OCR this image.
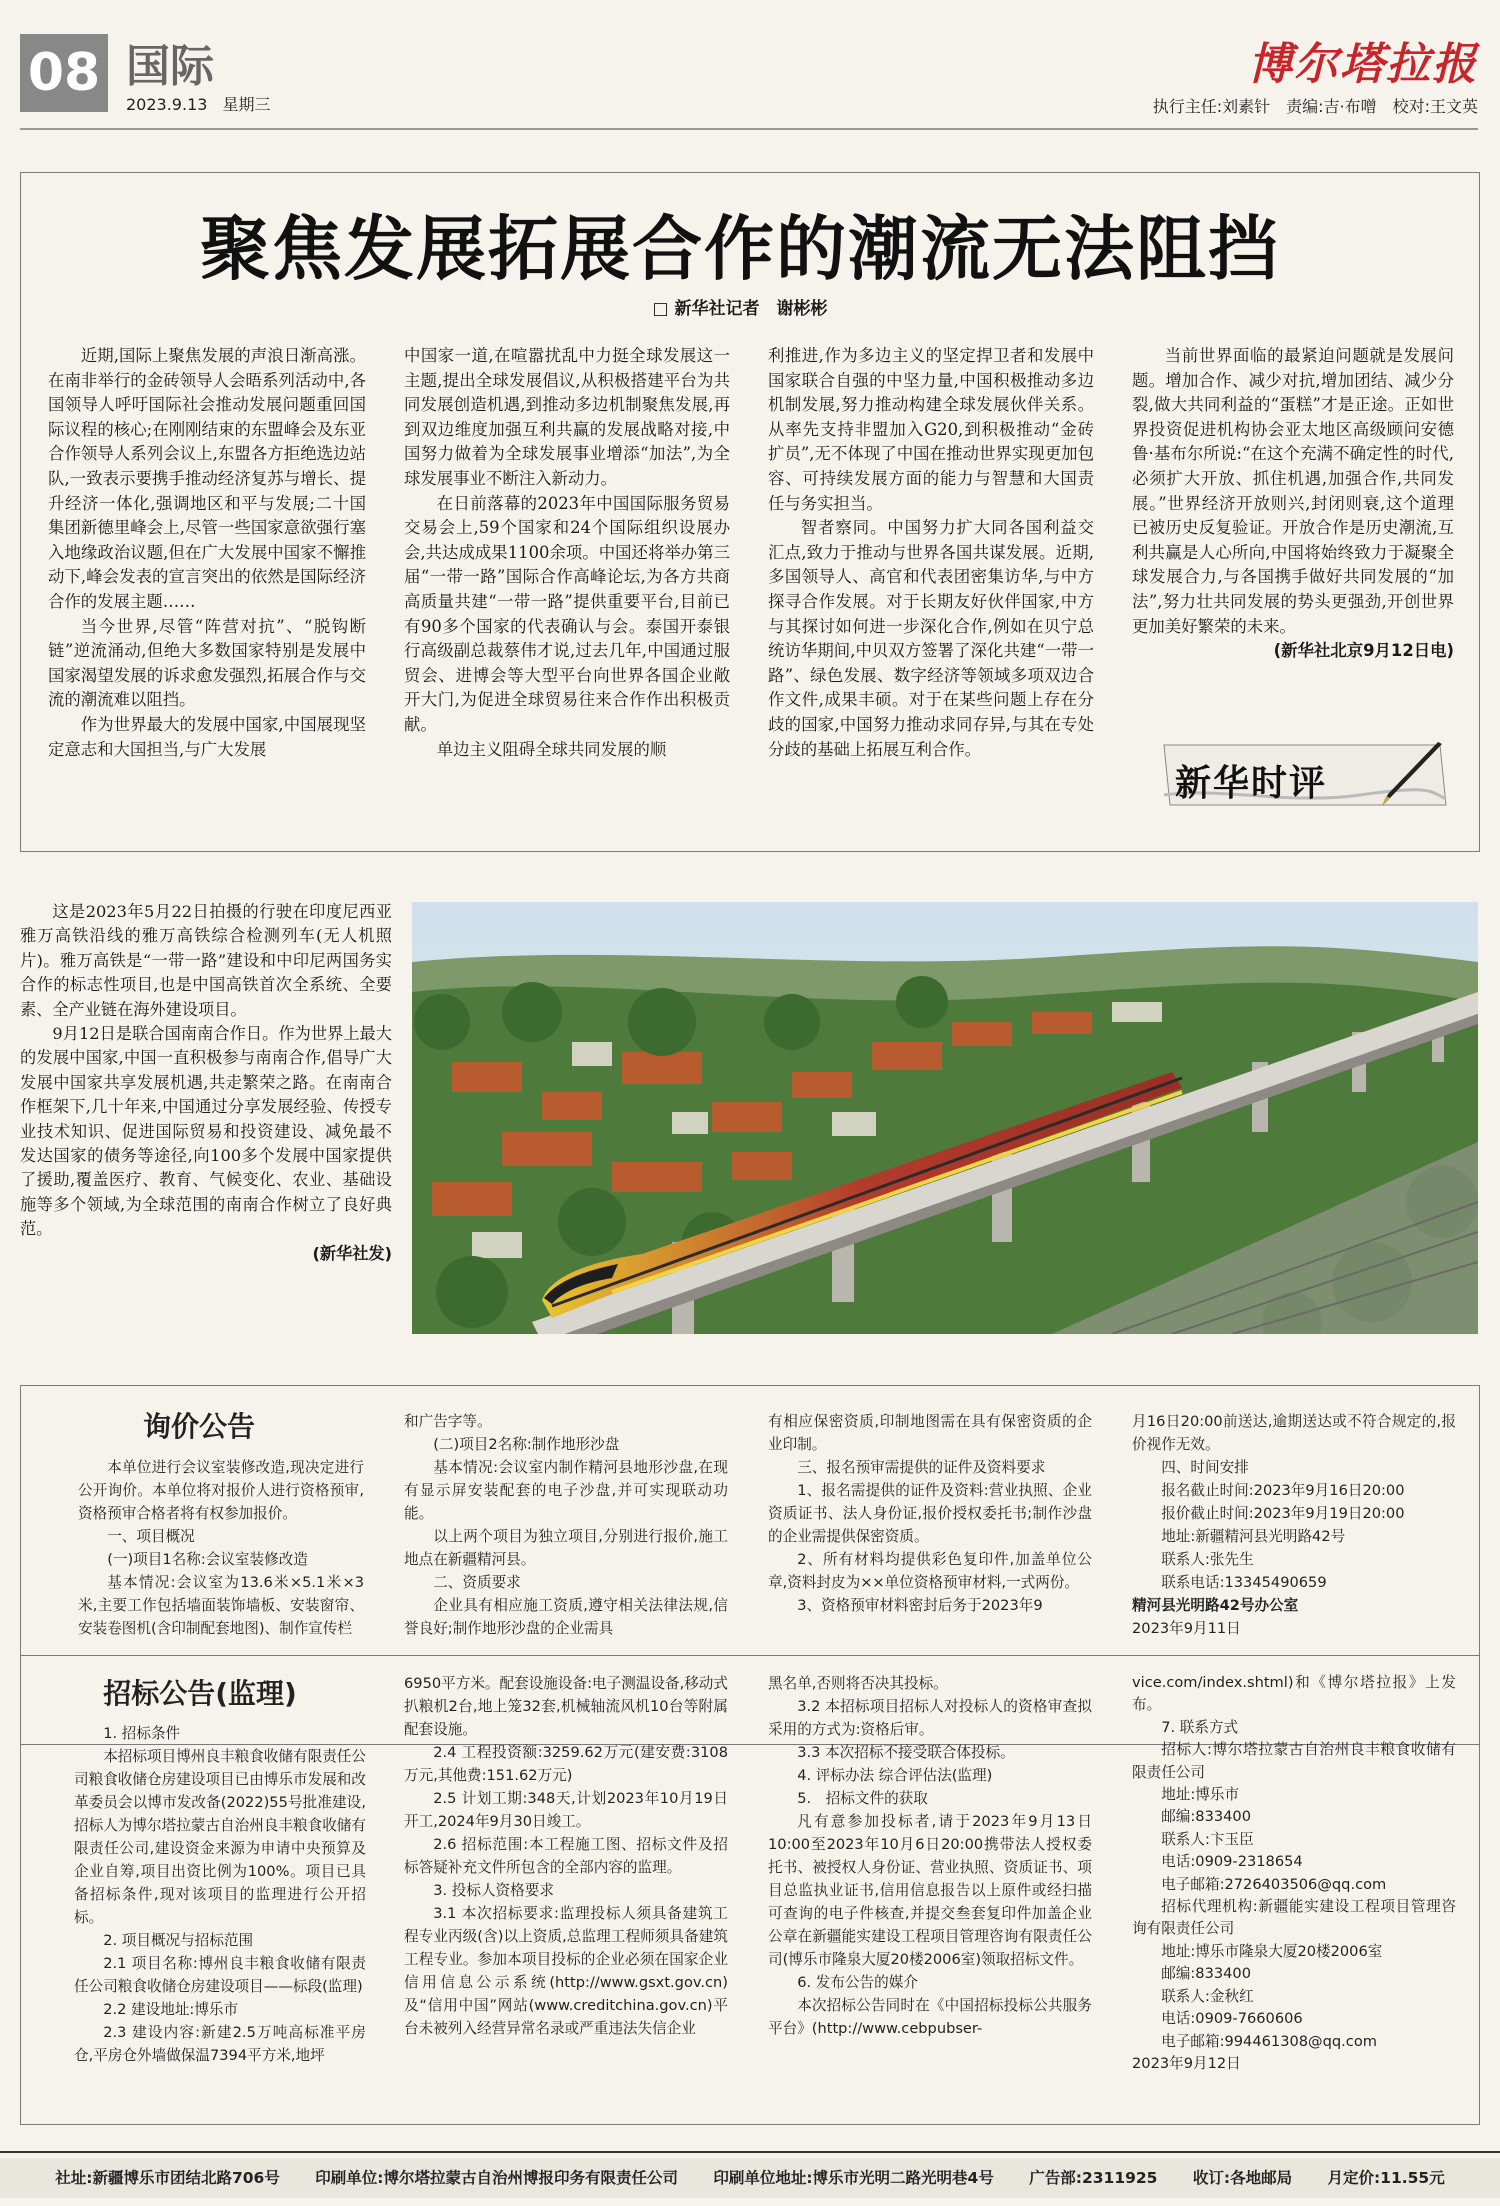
08 国际
2023.9.13 星期三
博尔塔拉报
执行主任:刘素针　责编:吉·布噌　校对:王文英
聚焦发展拓展合作的潮流无法阻挡
□ 新华社记者　谢彬彬

近期,国际上聚焦发展的声浪日渐高涨。在南非举行的金砖领导人会晤系列活动中,各国领导人呼吁国际社会推动发展问题重回国际议程的核心;在刚刚结束的东盟峰会及东亚合作领导人系列会议上,东盟各方拒绝选边站队,一致表示要携手推动经济复苏与增长、提升经济一体化,强调地区和平与发展;二十国集团新德里峰会上,尽管一些国家意欲强行塞入地缘政治议题,但在广大发展中国家不懈推动下,峰会发表的宣言突出的依然是国际经济合作的发展主题……

当今世界,尽管“阵营对抗”、“脱钩断链”逆流涌动,但绝大多数国家特别是发展中国家渴望发展的诉求愈发强烈,拓展合作与交流的潮流难以阻挡。

作为世界最大的发展中国家,中国展现坚定意志和大国担当,与广大发展

中国家一道,在喧嚣扰乱中力挺全球发展这一主题,提出全球发展倡议,从积极搭建平台为共同发展创造机遇,到推动多边机制聚焦发展,再到双边维度加强互利共赢的发展战略对接,中国努力做着为全球发展事业增添“加法”,为全球发展事业不断注入新动力。

在日前落幕的2023年中国国际服务贸易交易会上,59个国家和24个国际组织设展办会,共达成成果1100余项。中国还将举办第三届“一带一路”国际合作高峰论坛,为各方共商高质量共建“一带一路”提供重要平台,目前已有90多个国家的代表确认与会。泰国开泰银行高级副总裁蔡伟才说,过去几年,中国通过服贸会、进博会等大型平台向世界各国企业敞开大门,为促进全球贸易往来合作作出积极贡献。

单边主义阻碍全球共同发展的顺

利推进,作为多边主义的坚定捍卫者和发展中国家联合自强的中坚力量,中国积极推动多边机制发展,努力推动构建全球发展伙伴关系。从率先支持非盟加入G20,到积极推动“金砖扩员”,无不体现了中国在推动世界实现更加包容、可持续发展方面的能力与智慧和大国责任与务实担当。

智者察同。中国努力扩大同各国利益交汇点,致力于推动与世界各国共谋发展。近期,多国领导人、高官和代表团密集访华,与中方探寻合作发展。对于长期友好伙伴国家,中方与其探讨如何进一步深化合作,例如在贝宁总统访华期间,中贝双方签署了深化共建“一带一路”、绿色发展、数字经济等领域多项双边合作文件,成果丰硕。对于在某些问题上存在分歧的国家,中国努力推动求同存异,与其在专处分歧的基础上拓展互利合作。

当前世界面临的最紧迫问题就是发展问题。增加合作、减少对抗,增加团结、减少分裂,做大共同利益的“蛋糕”才是正途。正如世界投资促进机构协会亚太地区高级顾问安德鲁·基布尔所说:“在这个充满不确定性的时代,必须扩大开放、抓住机遇,加强合作,共同发展。”世界经济开放则兴,封闭则衰,这个道理已被历史反复验证。开放合作是历史潮流,互利共赢是人心所向,中国将始终致力于凝聚全球发展合力,与各国携手做好共同发展的“加法”,努力壮共同发展的势头更强劲,开创世界更加美好繁荣的未来。

(新华社北京9月12日电)

新华时评

这是2023年5月22日拍摄的行驶在印度尼西亚雅万高铁沿线的雅万高铁综合检测列车(无人机照片)。雅万高铁是“一带一路”建设和中印尼两国务实合作的标志性项目,也是中国高铁首次全系统、全要素、全产业链在海外建设项目。

9月12日是联合国南南合作日。作为世界上最大的发展中国家,中国一直积极参与南南合作,倡导广大发展中国家共享发展机遇,共走繁荣之路。在南南合作框架下,几十年来,中国通过分享发展经验、传授专业技术知识、促进国际贸易和投资建设、减免最不发达国家的债务等途径,向100多个发展中国家提供了援助,覆盖医疗、教育、气候变化、农业、基础设施等多个领域,为全球范围的南南合作树立了良好典范。

(新华社发)

询价公告

本单位进行会议室装修改造,现决定进行公开询价。本单位将对报价人进行资格预审,资格预审合格者将有权参加报价。

一、项目概况

(一)项目1名称:会议室装修改造

基本情况:会议室为13.6米×5.1米×3米,主要工作包括墙面装饰墙板、安装窗帘、安装卷图机(含印制配套地图)、制作宣传栏

和广告字等。

(二)项目2名称:制作地形沙盘

基本情况:会议室内制作精河县地形沙盘,在现有显示屏安装配套的电子沙盘,并可实现联动功能。

以上两个项目为独立项目,分别进行报价,施工地点在新疆精河县。

二、资质要求

企业具有相应施工资质,遵守相关法律法规,信誉良好;制作地形沙盘的企业需具

有相应保密资质,印制地图需在具有保密资质的企业印制。

三、报名预审需提供的证件及资料要求

1、报名需提供的证件及资料:营业执照、企业资质证书、法人身份证,报价授权委托书;制作沙盘的企业需提供保密资质。

2、所有材料均提供彩色复印件,加盖单位公章,资料封皮为××单位资格预审材料,一式两份。

3、资格预审材料密封后务于2023年9

月16日20:00前送达,逾期送达或不符合规定的,报价视作无效。

四、时间安排

报名截止时间:2023年9月16日20:00

报价截止时间:2023年9月19日20:00

地址:新疆精河县光明路42号

联系人:张先生

联系电话:13345490659

精河县光明路42号办公室

2023年9月11日

招标公告(监理)

1. 招标条件

本招标项目博州良丰粮食收储有限责任公司粮食收储仓房建设项目已由博乐市发展和改革委员会以博市发改备(2022)55号批准建设,招标人为博尔塔拉蒙古自治州良丰粮食收储有限责任公司,建设资金来源为申请中央预算及企业自筹,项目出资比例为100%。项目已具备招标条件,现对该项目的监理进行公开招标。

2. 项目概况与招标范围

2.1 项目名称:博州良丰粮食收储有限责任公司粮食收储仓房建设项目——标段(监理)

2.2 建设地址:博乐市

2.3 建设内容:新建2.5万吨高标准平房仓,平房仓外墙做保温7394平方米,地坪

6950平方米。配套设施设备:电子测温设备,移动式扒粮机2台,地上笼32套,机械轴流风机10台等附属配套设施。

2.4 工程投资额:3259.62万元(建安费:3108万元,其他费:151.62万元)

2.5 计划工期:348天,计划2023年10月19日开工,2024年9月30日竣工。

2.6 招标范围:本工程施工图、招标文件及招标答疑补充文件所包含的全部内容的监理。

3. 投标人资格要求

3.1 本次招标要求:监理投标人须具备建筑工程专业丙级(含)以上资质,总监理工程师须具备建筑工程专业。参加本项目投标的企业必须在国家企业信用信息公示系统(http://www.gsxt.gov.cn)及“信用中国”网站(www.creditchina.gov.cn)平台未被列入经营异常名录或严重违法失信企业

黑名单,否则将否决其投标。

3.2 本招标项目招标人对投标人的资格审查拟采用的方式为:资格后审。

3.3 本次招标不接受联合体投标。

4. 评标办法 综合评估法(监理)

5.　招标文件的获取

凡有意参加投标者,请于2023年9月13日10:00至2023年10月6日20:00携带法人授权委托书、被授权人身份证、营业执照、资质证书、项目总监执业证书,信用信息报告以上原件或经扫描可查询的电子件核查,并提交叁套复印件加盖企业公章在新疆能实建设工程项目管理咨询有限责任公司(博乐市隆泉大厦20楼2006室)领取招标文件。

6. 发布公告的媒介

本次招标公告同时在《中国招标投标公共服务平台》(http://www.cebpubser-

vice.com/index.shtml)和《博尔塔拉报》上发布。

7. 联系方式

招标人:博尔塔拉蒙古自治州良丰粮食收储有限责任公司

地址:博乐市

邮编:833400

联系人:卞玉臣

电话:0909-2318654

电子邮箱:2726403506@qq.com

招标代理机构:新疆能实建设工程项目管理咨询有限责任公司

地址:博乐市隆泉大厦20楼2006室

邮编:833400

联系人:金秋红

电话:0909-7660606

电子邮箱:994461308@qq.com

2023年9月12日

社址:新疆博乐市团结北路706号 印刷单位:博尔塔拉蒙古自治州博报印务有限责任公司 印刷单位地址:博乐市光明二路光明巷4号 广告部:2311925 收订:各地邮局 月定价:11.55元
